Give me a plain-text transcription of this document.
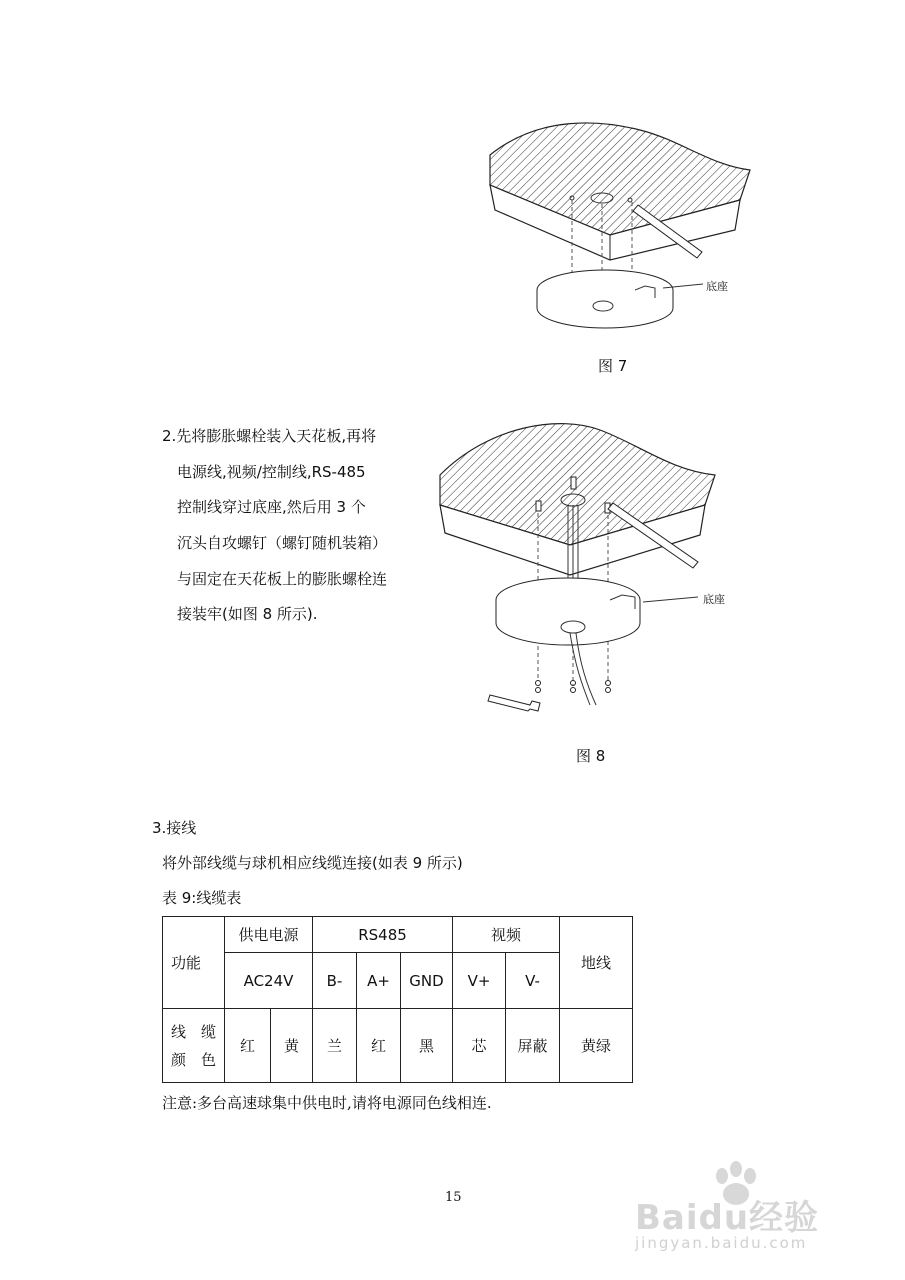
底座
图 7
2.先将膨胀螺栓装入天花板,再将
电源线,视频/控制线,RS-485
控制线穿过底座,然后用 3 个
沉头自攻螺钉（螺钉随机装箱）
与固定在天花板上的膨胀螺栓连
接装牢(如图 8 所示).
底座
图 8
3.接线
将外部线缆与球机相应线缆连接(如表 9 所示)
表 9:线缆表
功能	供电电源		RS485			视频		地线
	AC24V		B-	A+	GND	V+	V-	

线　缆
颜　色	红	黄	兰	红	黑	芯	屏蔽	黄绿
注意:多台高速球集中供电时,请将电源同色线相连.
15
Baidu经验
jingyan.baidu.com
